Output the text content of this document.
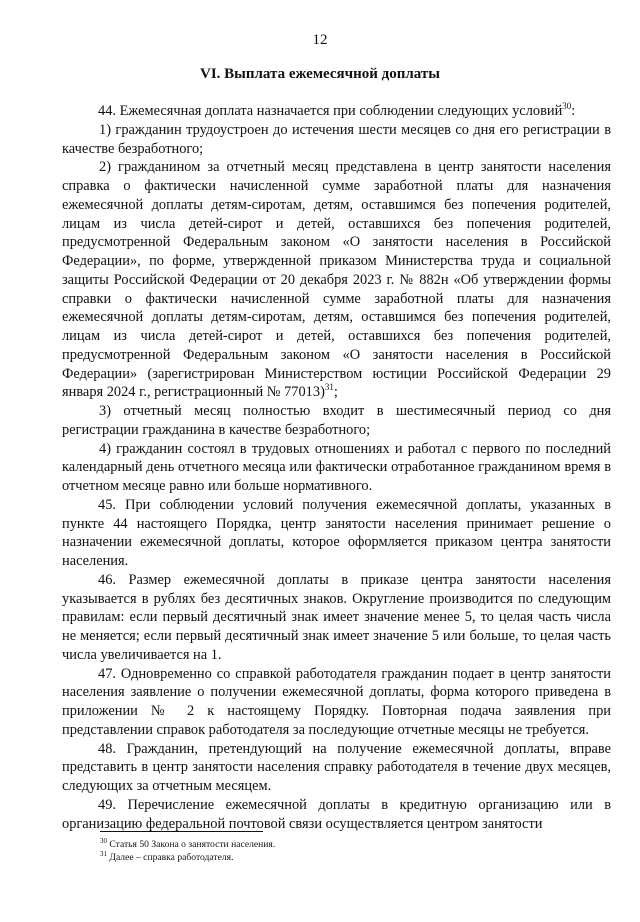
12
VI. Выплата ежемесячной доплаты

44. Ежемесячная доплата назначается при соблюдении следующих условий$^{30}$:

1) гражданин трудоустроен до истечения шести месяцев со дня его регистрации в качестве безработного;

2) гражданином за отчетный месяц представлена в центр занятости населения справка о фактически начисленной сумме заработной платы для назначения ежемесячной доплаты детям-сиротам, детям, оставшимся без попечения родителей, лицам из числа детей-сирот и детей, оставшихся без попечения родителей, предусмотренной Федеральным законом «О занятости населения в Российской Федерации», по форме, утвержденной приказом Министерства труда и социальной защиты Российской Федерации от 20 декабря 2023 г. № 882н «Об утверждении формы справки о фактически начисленной сумме заработной платы для назначения ежемесячной доплаты детям-сиротам, детям, оставшимся без попечения родителей, лицам из числа детей-сирот и детей, оставшихся без попечения родителей, предусмотренной Федеральным законом «О занятости населения в Российской Федерации» (зарегистрирован Министерством юстиции Российской Федерации 29 января 2024 г., регистрационный № 77013)$^{31}$;

3) отчетный месяц полностью входит в шестимесячный период со дня регистрации гражданина в качестве безработного;

4) гражданин состоял в трудовых отношениях и работал с первого по последний календарный день отчетного месяца или фактически отработанное гражданином время в отчетном месяце равно или больше нормативного.

45. При соблюдении условий получения ежемесячной доплаты, указанных в пункте 44 настоящего Порядка, центр занятости населения принимает решение о назначении ежемесячной доплаты, которое оформляется приказом центра занятости населения.

46. Размер ежемесячной доплаты в приказе центра занятости населения указывается в рублях без десятичных знаков. Округление производится по следующим правилам: если первый десятичный знак имеет значение менее 5, то целая часть числа не меняется; если первый десятичный знак имеет значение 5 или больше, то целая часть числа увеличивается на 1.

47. Одновременно со справкой работодателя гражданин подает в центр занятости населения заявление о получении ежемесячной доплаты, форма которого приведена в приложении № 2 к настоящему Порядку. Повторная подача заявления при представлении справок работодателя за последующие отчетные месяцы не требуется.

48. Гражданин, претендующий на получение ежемесячной доплаты, вправе представить в центр занятости населения справку работодателя в течение двух месяцев, следующих за отчетным месяцем.

49. Перечисление ежемесячной доплаты в кредитную организацию или в организацию федеральной почтовой связи осуществляется центром занятости

$^{30}$ Статья 50 Закона о занятости населения.
$^{31}$ Далее – справка работодателя.
